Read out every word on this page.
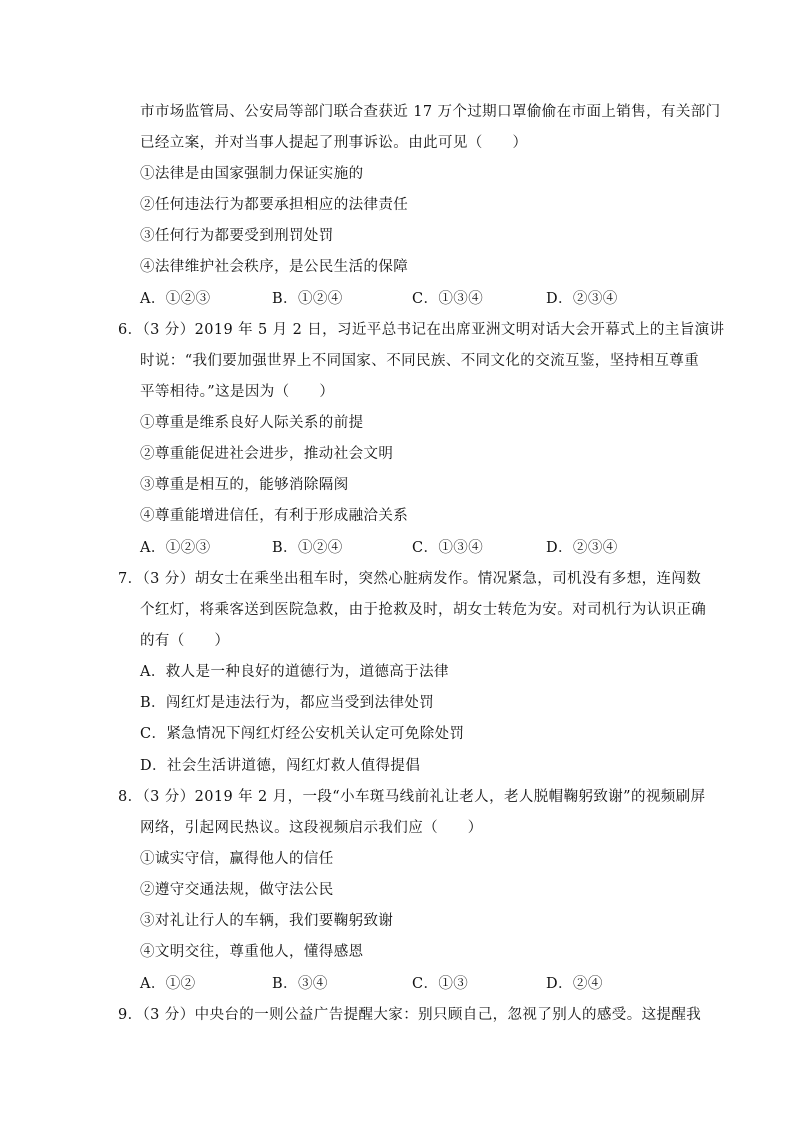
市市场监管局、公安局等部门联合查获近 17 万个过期口罩偷偷在市面上销售，有关部门
已经立案，并对当事人提起了刑事诉讼。由此可见（　　）
①法律是由国家强制力保证实施的
②任何违法行为都要承担相应的法律责任
③任何行为都要受到刑罚处罚
④法律维护社会秩序，是公民生活的保障
A．①②③	B．①②④	C．①③④	D．②③④
6．（3 分）2019 年 5 月 2 日，习近平总书记在出席亚洲文明对话大会开幕式上的主旨演讲
时说：“我们要加强世界上不同国家、不同民族、不同文化的交流互鉴，坚持相互尊重
平等相待。”这是因为（　　）
①尊重是维系良好人际关系的前提
②尊重能促进社会进步，推动社会文明
③尊重是相互的，能够消除隔阂
④尊重能增进信任，有利于形成融洽关系
A．①②③	B．①②④	C．①③④	D．②③④
7．（3 分）胡女士在乘坐出租车时，突然心脏病发作。情况紧急，司机没有多想，连闯数
个红灯，将乘客送到医院急救，由于抢救及时，胡女士转危为安。对司机行为认识正确
的有（　　）
A．救人是一种良好的道德行为，道德高于法律
B．闯红灯是违法行为，都应当受到法律处罚
C．紧急情况下闯红灯经公安机关认定可免除处罚
D．社会生活讲道德，闯红灯救人值得提倡
8．（3 分）2019 年 2 月，一段“小车斑马线前礼让老人，老人脱帽鞠躬致谢”的视频刷屏
网络，引起网民热议。这段视频启示我们应（　　）
①诚实守信，赢得他人的信任
②遵守交通法规，做守法公民
③对礼让行人的车辆，我们要鞠躬致谢
④文明交往，尊重他人，懂得感恩
A．①②	B．③④	C．①③	D．②④
9．（3 分）中央台的一则公益广告提醒大家：别只顾自己，忽视了别人的感受。这提醒我
